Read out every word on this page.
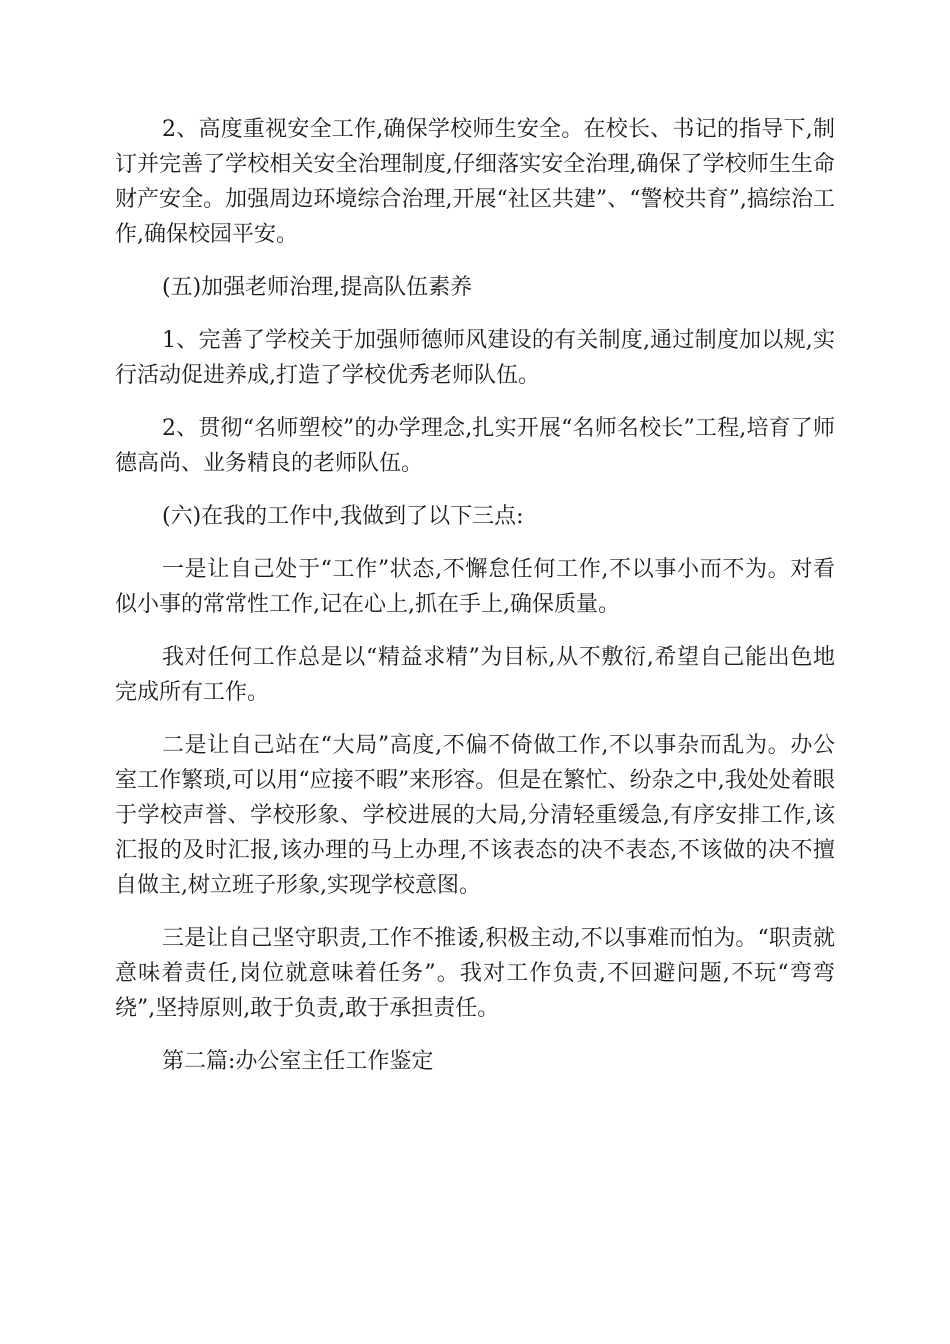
2、高度重视安全工作,确保学校师生安全。在校长、书记的指导下,制订并完善了学校相关安全治理制度,仔细落实安全治理,确保了学校师生生命财产安全。加强周边环境综合治理,开展“社区共建”、“警校共育”,搞综治工作,确保校园平安。

(五)加强老师治理,提高队伍素养

1、完善了学校关于加强师德师风建设的有关制度,通过制度加以规,实行活动促进养成,打造了学校优秀老师队伍。

2、贯彻“名师塑校”的办学理念,扎实开展“名师名校长”工程,培育了师德高尚、业务精良的老师队伍。

(六)在我的工作中,我做到了以下三点:

一是让自己处于“工作”状态,不懈怠任何工作,不以事小而不为。对看似小事的常常性工作,记在心上,抓在手上,确保质量。

我对任何工作总是以“精益求精”为目标,从不敷衍,希望自己能出色地完成所有工作。

二是让自己站在“大局”高度,不偏不倚做工作,不以事杂而乱为。办公室工作繁琐,可以用“应接不暇”来形容。但是在繁忙、纷杂之中,我处处着眼于学校声誉、学校形象、学校进展的大局,分清轻重缓急,有序安排工作,该汇报的及时汇报,该办理的马上办理,不该表态的决不表态,不该做的决不擅自做主,树立班子形象,实现学校意图。

三是让自己坚守职责,工作不推诿,积极主动,不以事难而怕为。“职责就意味着责任,岗位就意味着任务”。我对工作负责,不回避问题,不玩“弯弯绕”,坚持原则,敢于负责,敢于承担责任。

第二篇:办公室主任工作鉴定
